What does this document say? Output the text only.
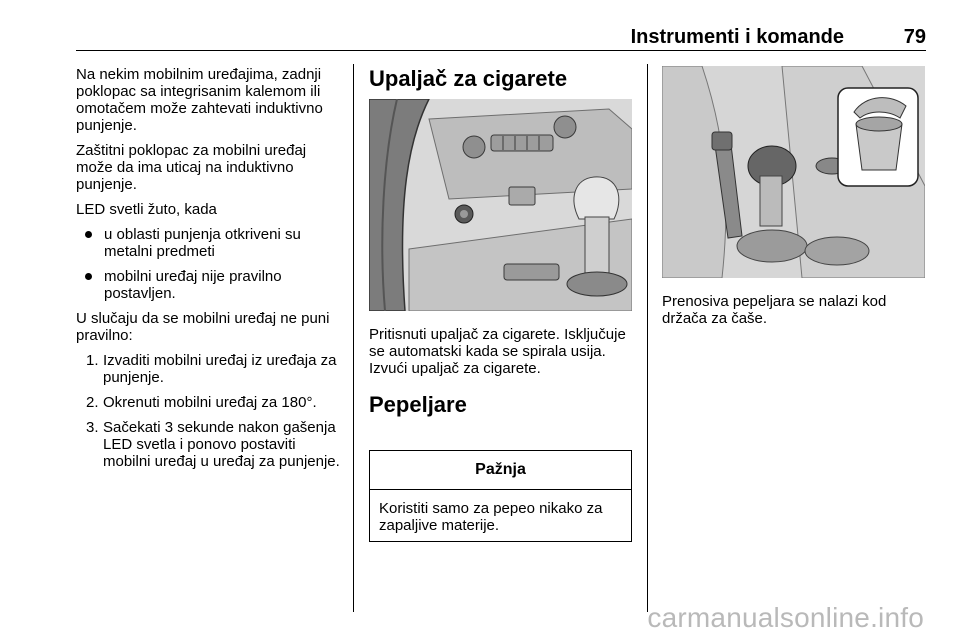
Instrumenti i komande	79

Na nekim mobilnim uređajima, zadnji poklopac sa integrisanim kalemom ili omotačem može zahtevati induktivno punjenje.

Zaštitni poklopac za mobilni uređaj može da ima uticaj na induktivno punjenje.

LED svetli žuto, kada

u oblasti punjenja otkriveni su metalni predmeti
mobilni uređaj nije pravilno postavljen.

U slučaju da se mobilni uređaj ne puni pravilno:

1. Izvaditi mobilni uređaj iz uređaja za punjenje.
2. Okrenuti mobilni uređaj za 180°.
3. Sačekati 3 sekunde nakon gašenja LED svetla i ponovo postaviti mobilni uređaj u uređaj za punjenje.
Upaljač za cigarete

Pritisnuti upaljač za cigarete. Isključuje se automatski kada se spirala usija. Izvući upaljač za cigarete.

Pepeljare
Pažnja
Koristiti samo za pepeo nikako za zapaljive materije.

Prenosiva pepeljara se nalazi kod držača za čaše.

carmanualsonline.info
